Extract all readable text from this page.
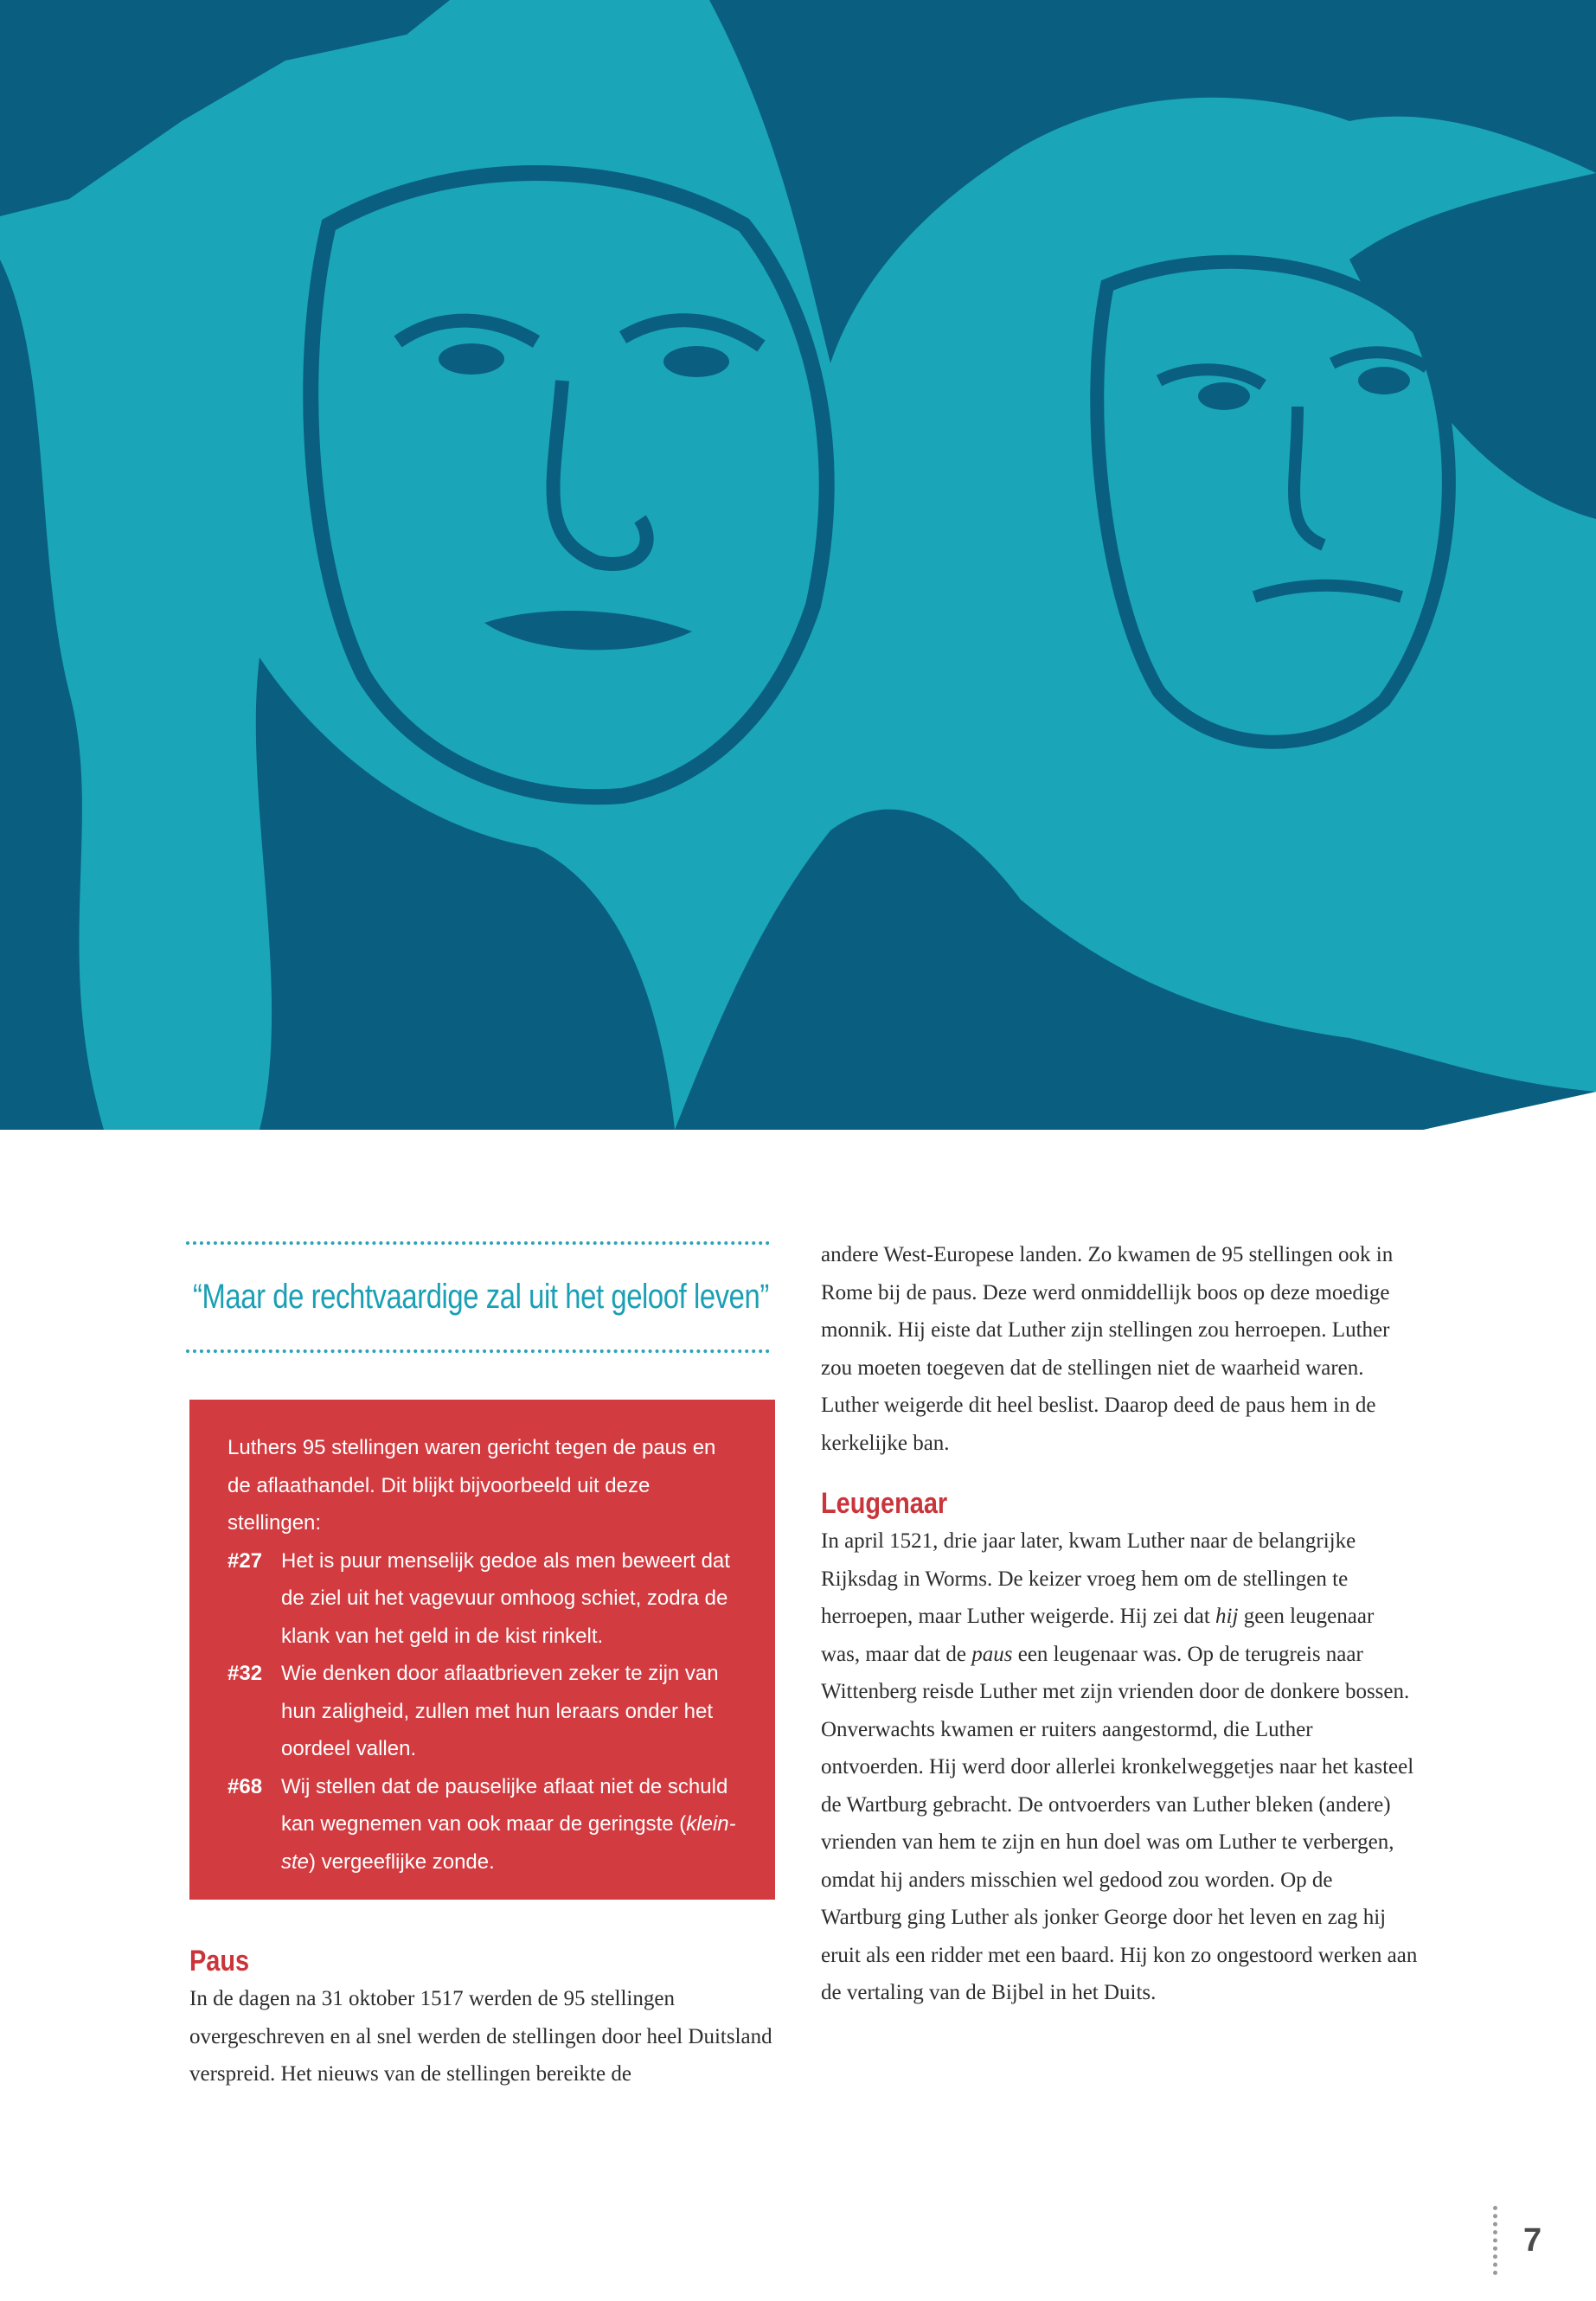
“Maar de rechtvaardige zal uit het geloof leven”

Luthers 95 stellingen waren gericht tegen de paus en de aflaathandel. Dit blijkt bijvoorbeeld uit deze stellingen:

#27 Het is puur menselijk gedoe als men beweert dat de ziel uit het vagevuur omhoog schiet, zodra de klank van het geld in de kist rinkelt.
#32 Wie denken door aflaatbrieven zeker te zijn van hun zaligheid, zullen met hun leraars onder het oordeel vallen.
#68 Wij stellen dat de pauselijke aflaat niet de schuld kan wegnemen van ook maar de geringste (kleinste) vergeeflijke zonde.
Paus

In de dagen na 31 oktober 1517 werden de 95 stellingen overgeschreven en al snel werden de stellingen door heel Duitsland verspreid. Het nieuws van de stellingen bereikte de

andere West-Europese landen. Zo kwamen de 95 stellingen ook in Rome bij de paus. Deze werd onmiddellijk boos op deze moedige monnik. Hij eiste dat Luther zijn stellingen zou herroepen. Luther zou moeten toegeven dat de stellingen niet de waarheid waren. Luther weigerde dit heel beslist. Daarop deed de paus hem in de kerkelijke ban.

Leugenaar

In april 1521, drie jaar later, kwam Luther naar de belangrijke Rijksdag in Worms. De keizer vroeg hem om de stellingen te herroepen, maar Luther weigerde. Hij zei dat hij geen leugenaar was, maar dat de paus een leugenaar was. Op de terugreis naar Wittenberg reisde Luther met zijn vrienden door de donkere bossen. Onverwachts kwamen er ruiters aangestormd, die Luther ontvoerden. Hij werd door allerlei kronkelweggetjes naar het kasteel de Wartburg gebracht. De ontvoerders van Luther bleken (andere) vrienden van hem te zijn en hun doel was om Luther te verbergen, omdat hij anders misschien wel gedood zou worden. Op de Wartburg ging Luther als jonker George door het leven en zag hij eruit als een ridder met een baard. Hij kon zo ongestoord werken aan de vertaling van de Bijbel in het Duits.

7
